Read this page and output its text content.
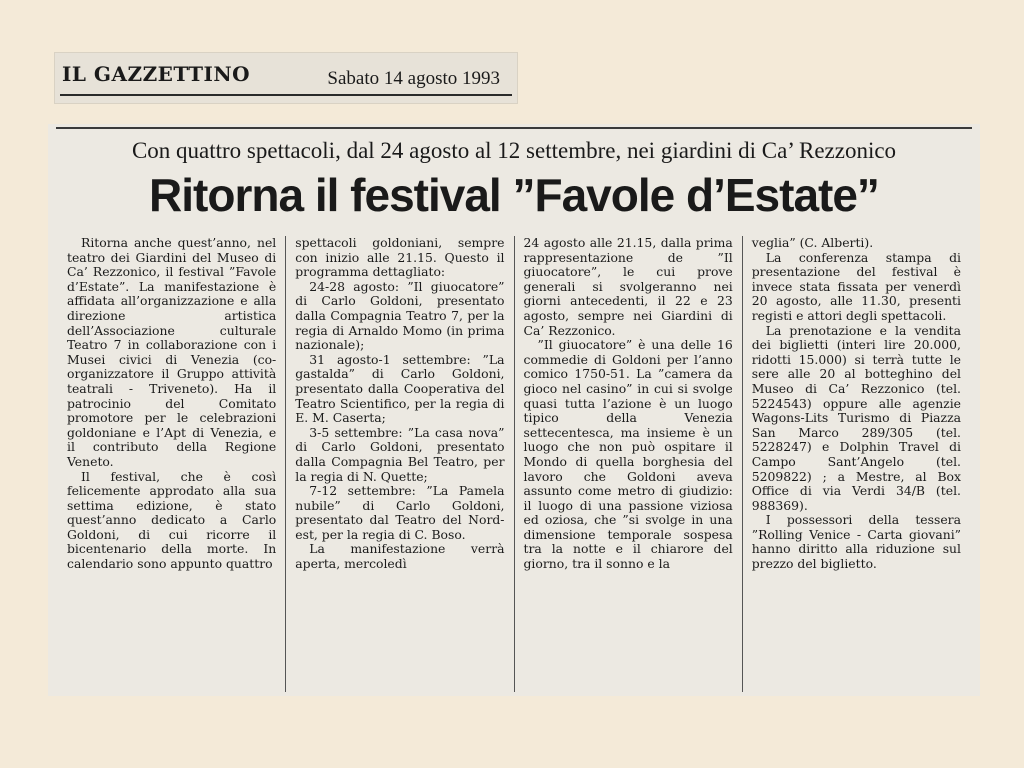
IL GAZZETTINO	Sabato 14 agosto 1993
Con quattro spettacoli, dal 24 agosto al 12 settembre, nei giardini di Ca’ Rezzonico
Ritorna il festival ”Favole d’Estate”

Ritorna anche quest’anno, nel teatro dei Giardini del Museo di Ca’ Rezzonico, il festival ”Favole d’Estate”. La manifestazione è affidata all’organizzazione e alla direzione artistica dell’Associazione culturale Teatro 7 in collaborazione con i Musei civici di Venezia (co-organizzatore il Gruppo attività teatrali - Triveneto). Ha il patrocinio del Comitato promotore per le celebrazioni goldoniane e l’Apt di Venezia, e il contributo della Regione Veneto.

Il festival, che è così felicemente approdato alla sua settima edizione, è stato quest’anno dedicato a Carlo Goldoni, di cui ricorre il bicentenario della morte. In calendario sono appunto quattro

spettacoli goldoniani, sempre con inizio alle 21.15. Questo il programma dettagliato:

24-28 agosto: ”Il giuocatore” di Carlo Goldoni, presentato dalla Compagnia Teatro 7, per la regia di Arnaldo Momo (in prima nazionale);

31 agosto-1 settembre: ”La gastalda” di Carlo Goldoni, presentato dalla Cooperativa del Teatro Scientifico, per la regia di E. M. Caserta;

3-5 settembre: ”La casa nova” di Carlo Goldoni, presentato dalla Compagnia Bel Teatro, per la regia di N. Quette;

7-12 settembre: ”La Pamela nubile” di Carlo Goldoni, presentato dal Teatro del Nord-est, per la regia di C. Boso.

La manifestazione verrà aperta, mercoledì

24 agosto alle 21.15, dalla prima rappresentazione de ”Il giuocatore”, le cui prove generali si svolgeranno nei giorni antecedenti, il 22 e 23 agosto, sempre nei Giardini di Ca’ Rezzonico.

”Il giuocatore” è una delle 16 commedie di Goldoni per l’anno comico 1750-51. La ”camera da gioco nel casino” in cui si svolge quasi tutta l’azione è un luogo tipico della Venezia settecentesca, ma insieme è un luogo che non può ospitare il Mondo di quella borghesia del lavoro che Goldoni aveva assunto come metro di giudizio: il luogo di una passione viziosa ed oziosa, che ”si svolge in una dimensione temporale sospesa tra la notte e il chiarore del giorno, tra il sonno e la

veglia” (C. Alberti).

La conferenza stampa di presentazione del festival è invece stata fissata per venerdì 20 agosto, alle 11.30, presenti registi e attori degli spettacoli.

La prenotazione e la vendita dei biglietti (interi lire 20.000, ridotti 15.000) si terrà tutte le sere alle 20 al botteghino del Museo di Ca’ Rezzonico (tel. 5224543) oppure alle agenzie Wagons-Lits Turismo di Piazza San Marco 289/305 (tel. 5228247) e Dolphin Travel di Campo Sant’Angelo (tel. 5209822) ; a Mestre, al Box Office di via Verdi 34/B (tel. 988369).

I possessori della tessera ”Rolling Venice - Carta giovani” hanno diritto alla riduzione sul prezzo del biglietto.
